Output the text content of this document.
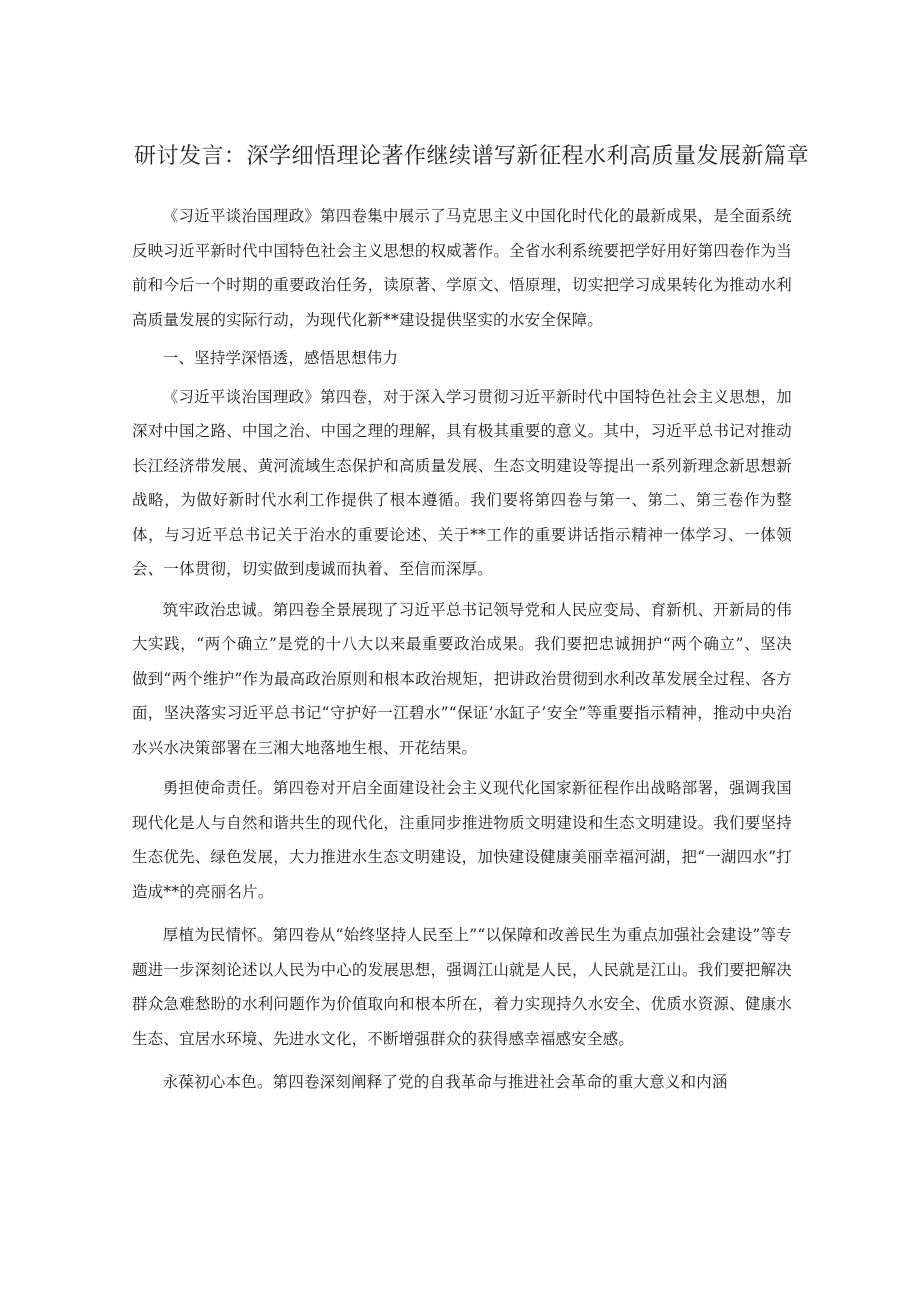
研讨发言：深学细悟理论著作继续谱写新征程水利高质量发展新篇章

《习近平谈治国理政》第四卷集中展示了马克思主义中国化时代化的最新成果，是全面系统反映习近平新时代中国特色社会主义思想的权威著作。全省水利系统要把学好用好第四卷作为当前和今后一个时期的重要政治任务，读原著、学原文、悟原理，切实把学习成果转化为推动水利高质量发展的实际行动，为现代化新**建设提供坚实的水安全保障。

一、坚持学深悟透，感悟思想伟力

《习近平谈治国理政》第四卷，对于深入学习贯彻习近平新时代中国特色社会主义思想，加深对中国之路、中国之治、中国之理的理解，具有极其重要的意义。其中，习近平总书记对推动长江经济带发展、黄河流域生态保护和高质量发展、生态文明建设等提出一系列新理念新思想新战略，为做好新时代水利工作提供了根本遵循。我们要将第四卷与第一、第二、第三卷作为整体，与习近平总书记关于治水的重要论述、关于**工作的重要讲话指示精神一体学习、一体领会、一体贯彻，切实做到虔诚而执着、至信而深厚。

筑牢政治忠诚。第四卷全景展现了习近平总书记领导党和人民应变局、育新机、开新局的伟大实践，“两个确立”是党的十八大以来最重要政治成果。我们要把忠诚拥护“两个确立”、坚决做到“两个维护”作为最高政治原则和根本政治规矩，把讲政治贯彻到水利改革发展全过程、各方面，坚决落实习近平总书记“守护好一江碧水”“保证’水缸子’安全”等重要指示精神，推动中央治水兴水决策部署在三湘大地落地生根、开花结果。

勇担使命责任。第四卷对开启全面建设社会主义现代化国家新征程作出战略部署，强调我国现代化是人与自然和谐共生的现代化，注重同步推进物质文明建设和生态文明建设。我们要坚持生态优先、绿色发展，大力推进水生态文明建设，加快建设健康美丽幸福河湖，把“一湖四水”打造成**的亮丽名片。

厚植为民情怀。第四卷从“始终坚持人民至上”“以保障和改善民生为重点加强社会建设”等专题进一步深刻论述以人民为中心的发展思想，强调江山就是人民，人民就是江山。我们要把解决群众急难愁盼的水利问题作为价值取向和根本所在，着力实现持久水安全、优质水资源、健康水生态、宜居水环境、先进水文化，不断增强群众的获得感幸福感安全感。

永葆初心本色。第四卷深刻阐释了党的自我革命与推进社会革命的重大意义和内涵
